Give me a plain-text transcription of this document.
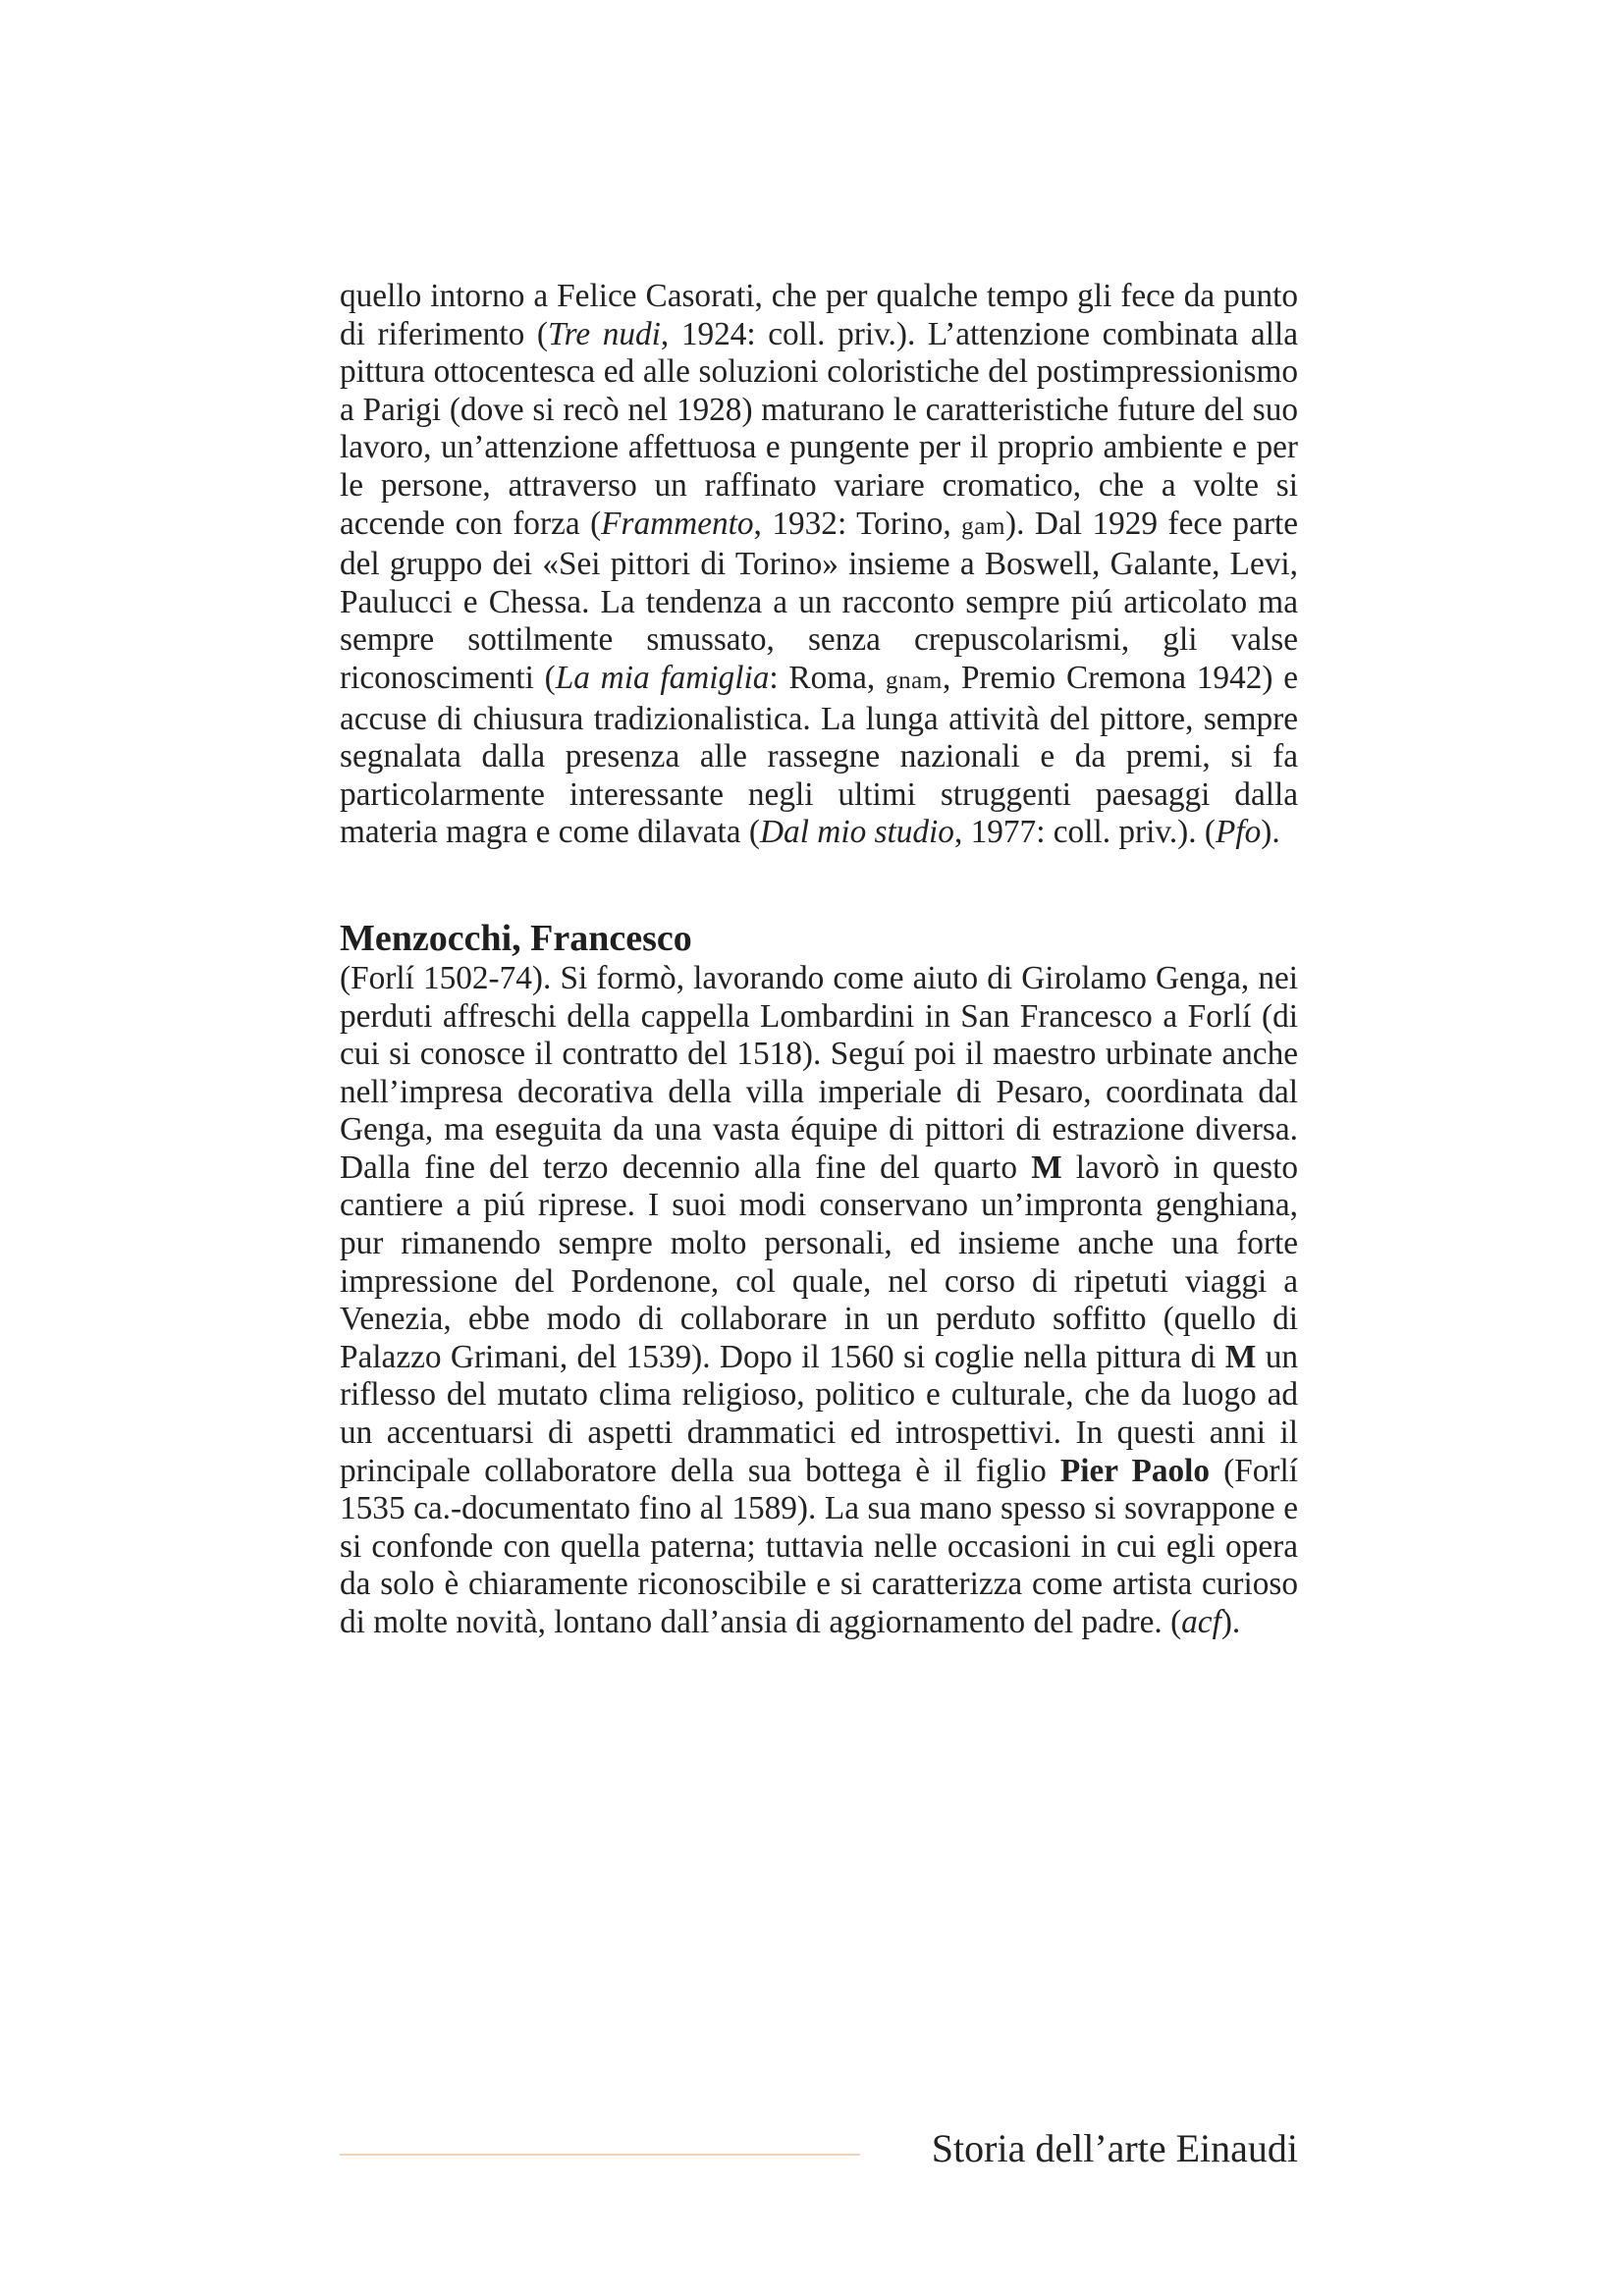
quello intorno a Felice Casorati, che per qualche tempo gli fece da punto di riferimento (Tre nudi, 1924: coll. priv.). L’attenzione combinata alla pittura ottocentesca ed alle soluzioni coloristiche del postimpressionismo a Parigi (dove si recò nel 1928) maturano le caratteristiche future del suo lavoro, un’attenzione affettuosa e pungente per il proprio ambiente e per le persone, attraverso un raffinato variare cromatico, che a volte si accende con forza (Frammento, 1932: Torino, gam). Dal 1929 fece parte del gruppo dei «Sei pittori di Torino» insieme a Boswell, Galante, Levi, Paulucci e Chessa. La tendenza a un racconto sempre piú articolato ma sempre sottilmente smussato, senza crepuscolarismi, gli valse riconoscimenti (La mia famiglia: Roma, gnam, Premio Cremona 1942) e accuse di chiusura tradizionalistica. La lunga attività del pittore, sempre segnalata dalla presenza alle rassegne nazionali e da premi, si fa particolarmente interessante negli ultimi struggenti paesaggi dalla materia magra e come dilavata (Dal mio studio, 1977: coll. priv.). (Pfo).

Menzocchi, Francesco

(Forlí 1502-74). Si formò, lavorando come aiuto di Girolamo Genga, nei perduti affreschi della cappella Lombardini in San Francesco a Forlí (di cui si conosce il contratto del 1518). Seguí poi il maestro urbinate anche nell’impresa decorativa della villa imperiale di Pesaro, coordinata dal Genga, ma eseguita da una vasta équipe di pittori di estrazione diversa. Dalla fine del terzo decennio alla fine del quarto M lavorò in questo cantiere a piú riprese. I suoi modi conservano un’impronta genghiana, pur rimanendo sempre molto personali, ed insieme anche una forte impressione del Pordenone, col quale, nel corso di ripetuti viaggi a Venezia, ebbe modo di collaborare in un perduto soffitto (quello di Palazzo Grimani, del 1539). Dopo il 1560 si coglie nella pittura di M un riflesso del mutato clima religioso, politico e culturale, che da luogo ad un accentuarsi di aspetti drammatici ed introspettivi. In questi anni il principale collaboratore della sua bottega è il figlio Pier Paolo (Forlí 1535 ca.-documentato fino al 1589). La sua mano spesso si sovrappone e si confonde con quella paterna; tuttavia nelle occasioni in cui egli opera da solo è chiaramente riconoscibile e si caratterizza come artista curioso di molte novità, lontano dall’ansia di aggiornamento del padre. (acf).

Storia dell’arte Einaudi
